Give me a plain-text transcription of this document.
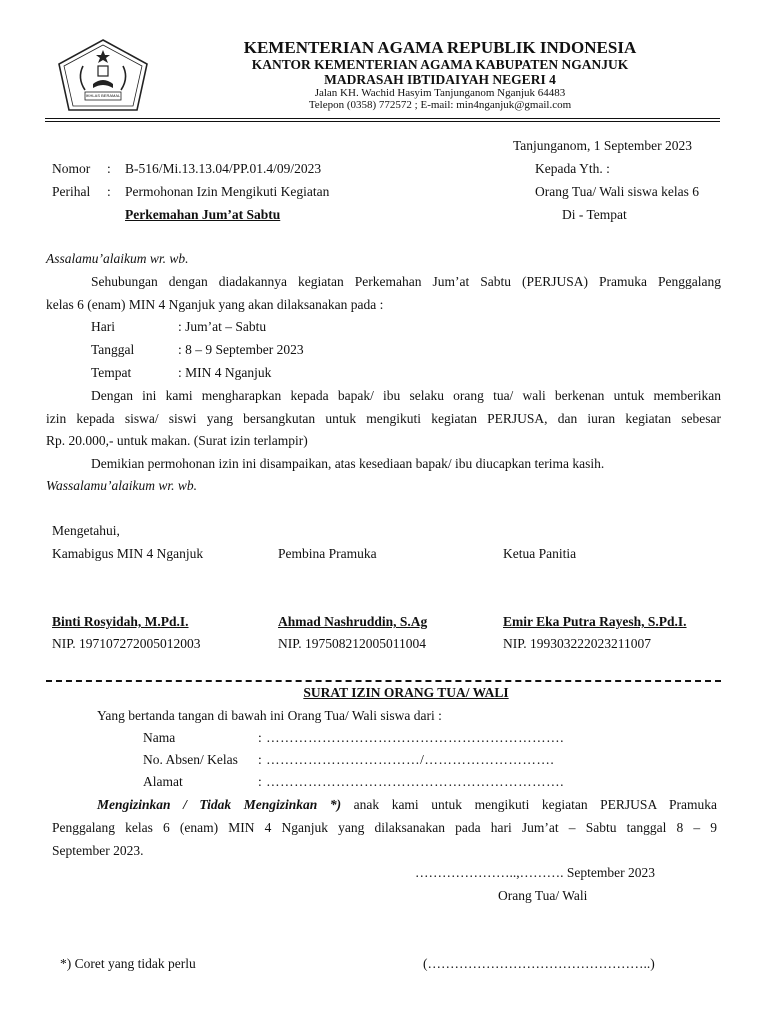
IKHLAS BERAMAL
KEMENTERIAN AGAMA REPUBLIK INDONESIA
KANTOR KEMENTERIAN AGAMA KABUPATEN NGANJUK
MADRASAH IBTIDAIYAH NEGERI 4
Jalan KH. Wachid Hasyim Tanjunganom Nganjuk 64483
Telepon (0358) 772572 ; E-mail: min4nganjuk@gmail.com
Tanjunganom, 1 September 2023
Nomor : B-516/Mi.13.13.04/PP.01.4/09/2023
Perihal : Permohonan Izin Mengikuti Kegiatan
Perkemahan Jum’at Sabtu
Kepada Yth. :
Orang Tua/ Wali siswa kelas 6
Di - Tempat
Assalamu’alaikum wr. wb.
Sehubungan dengan diadakannya kegiatan Perkemahan Jum’at Sabtu (PERJUSA) Pramuka Penggalang
kelas 6 (enam) MIN 4 Nganjuk yang akan dilaksanakan pada :
Hari	: Jum’at – Sabtu
Tanggal	: 8 – 9 September 2023
Tempat	: MIN 4 Nganjuk
Dengan ini kami mengharapkan kepada bapak/ ibu selaku orang tua/ wali berkenan untuk memberikan
izin kepada siswa/ siswi yang bersangkutan untuk mengikuti kegiatan PERJUSA, dan iuran kegiatan sebesar
Rp. 20.000,- untuk makan. (Surat izin terlampir)
Demikian permohonan izin ini disampaikan, atas kesediaan bapak/ ibu diucapkan terima kasih.
Wassalamu’alaikum wr. wb.
Mengetahui,
Kamabigus MIN 4 Nganjuk	Pembina Pramuka	Ketua Panitia
Binti Rosyidah, M.Pd.I.	Ahmad Nashruddin, S.Ag	Emir Eka Putra Rayesh, S.Pd.I.
NIP. 197107272005012003	NIP. 197508212005011004	NIP. 199303222023211007
SURAT IZIN ORANG TUA/ WALI
Yang bertanda tangan di bawah ini Orang Tua/ Wali siswa dari :
Nama	: ……………………………………………………….
No. Absen/ Kelas : ……………………………/……………………….
Alamat	: ……………………………………………………….
Mengizinkan / Tidak Mengizinkan *) anak kami untuk mengikuti kegiatan PERJUSA Pramuka
Penggalang kelas 6 (enam) MIN 4 Nganjuk yang dilaksanakan pada hari Jum’at – Sabtu tanggal 8 – 9
September 2023.
…………………..,………. September 2023
Orang Tua/ Wali
*) Coret yang tidak perlu	(…………………………………………..)
